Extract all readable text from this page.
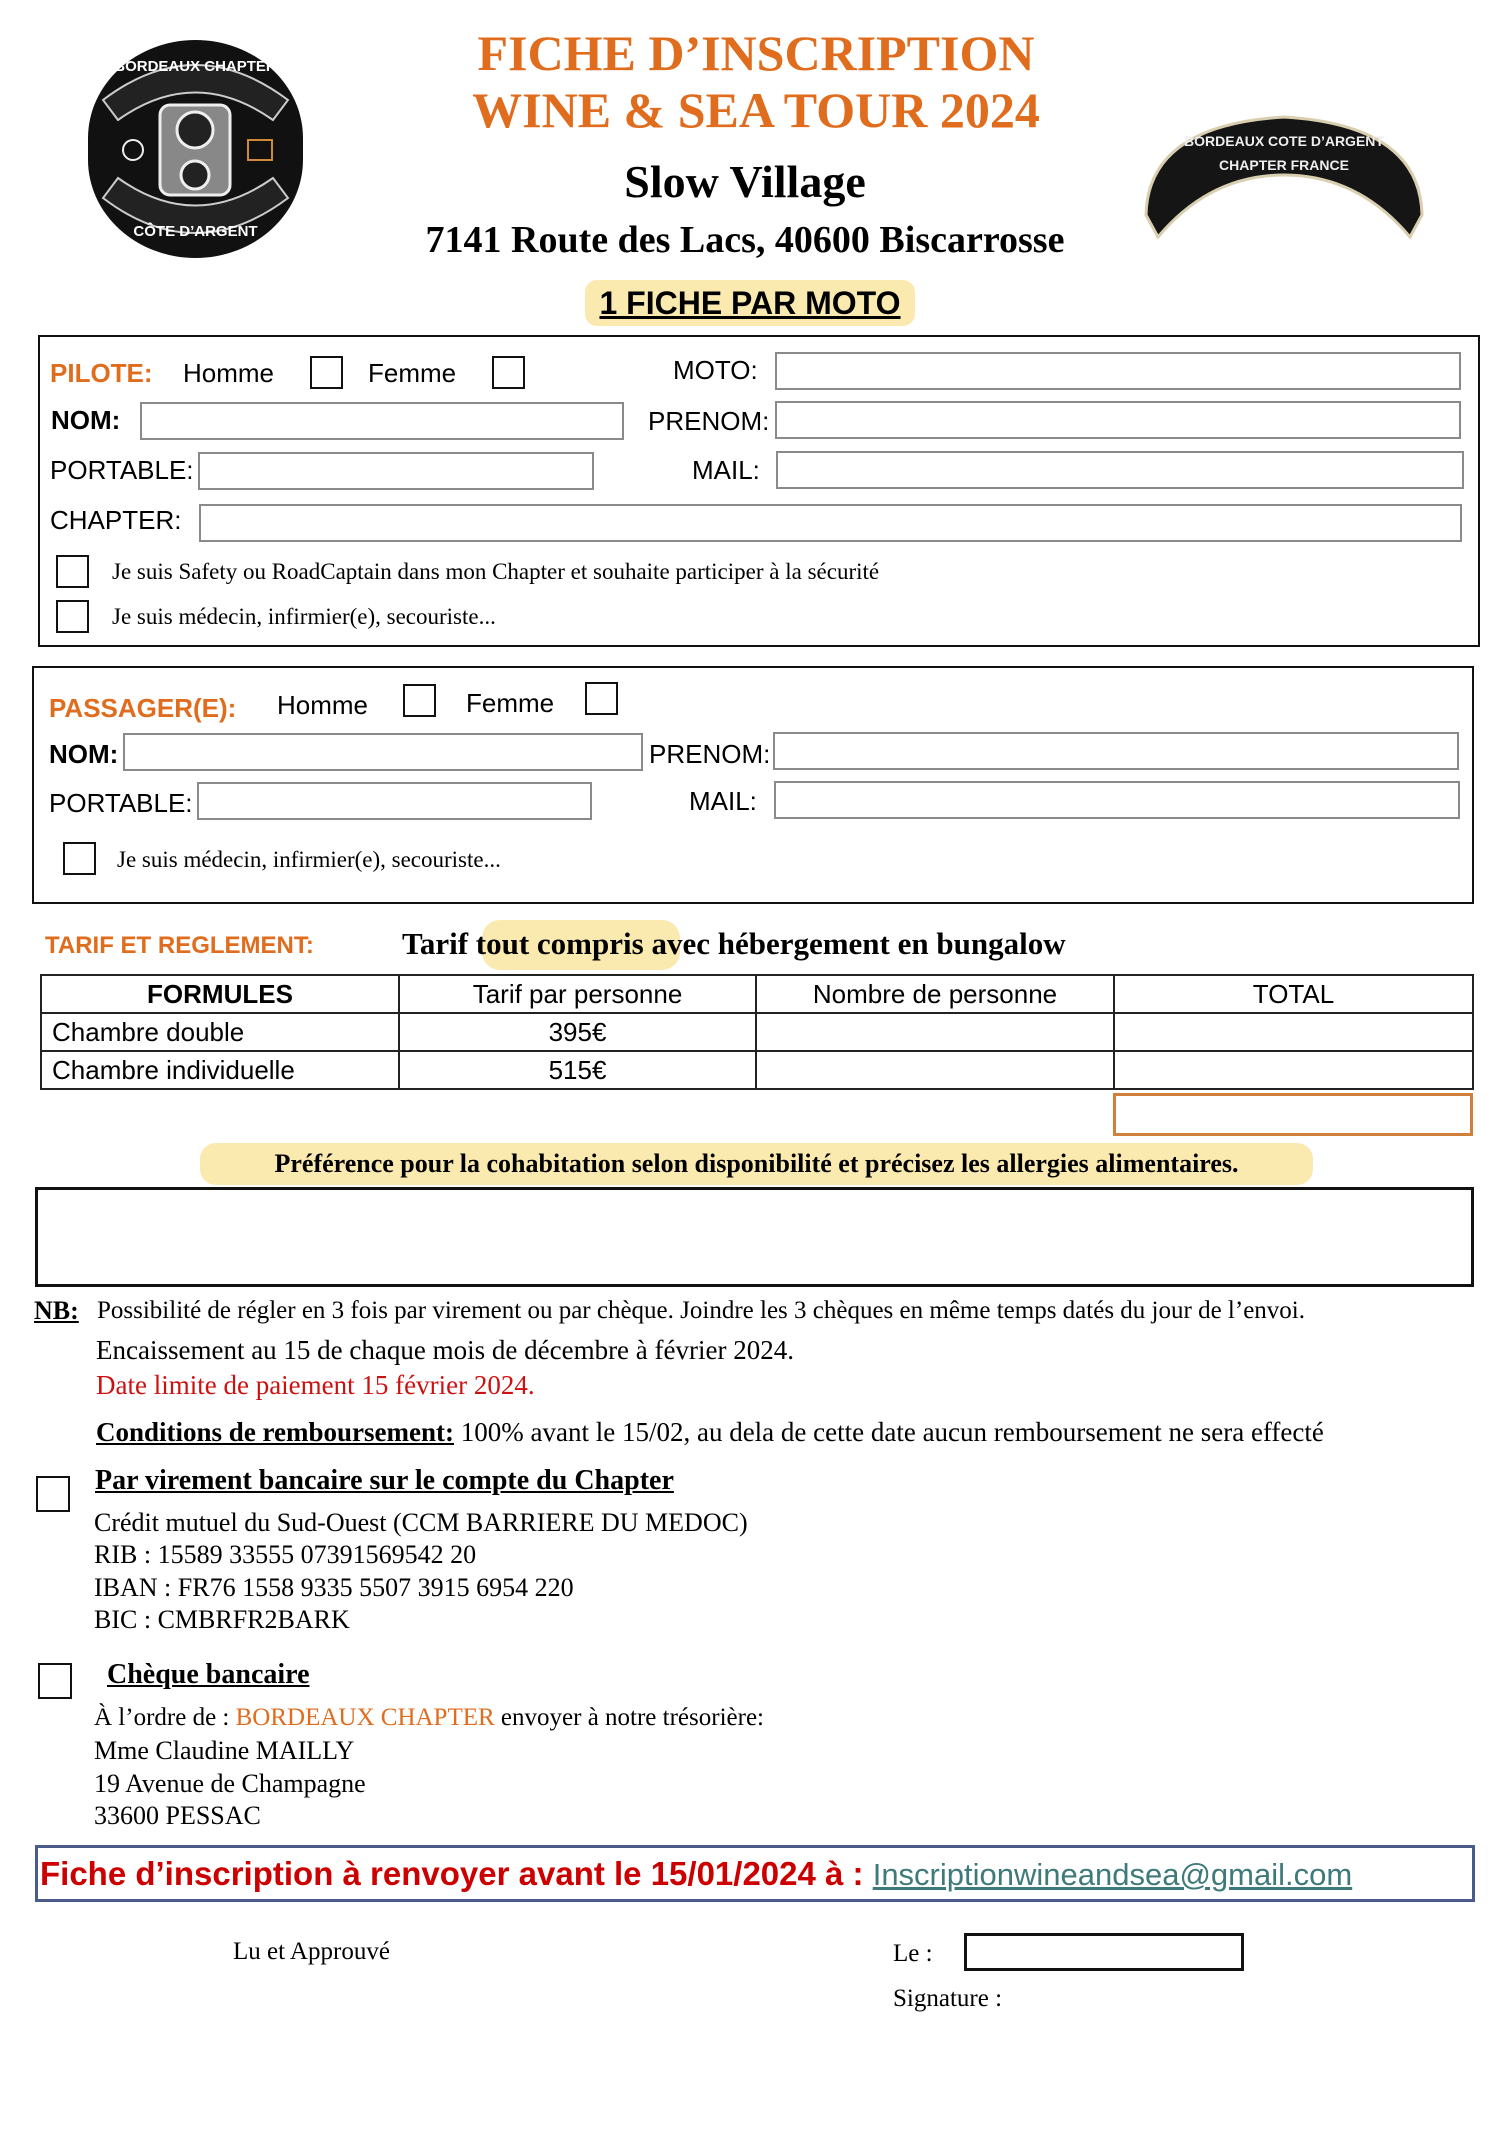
BORDEAUX CHAPTER
CÔTE D’ARGENT
FICHE D’INSCRIPTION
WINE & SEA TOUR 2024
Slow Village
7141 Route des Lacs, 40600 Biscarrosse
1 FICHE PAR MOTO
BORDEAUX COTE D’ARGENT
CHAPTER FRANCE
PILOTE: Homme	Femme	MOTO:
NOM:	PRENOM:
PORTABLE:	MAIL:
CHAPTER:
Je suis Safety ou RoadCaptain dans mon Chapter et souhaite participer à la sécurité
Je suis médecin, infirmier(e), secouriste...
PASSAGER(E): Homme	Femme
NOM:	PRENOM:
PORTABLE:	MAIL:
Je suis médecin, infirmier(e), secouriste...
TARIF ET REGLEMENT:	Tarif tout compris avec hébergement en bungalow
FORMULES	Tarif par personne	Nombre de personne	TOTAL
Chambre double	395€		
Chambre individuelle	515€		
Préférence pour la cohabitation selon disponibilité et précisez les allergies alimentaires.
NB: Possibilité de régler en 3 fois par virement ou par chèque. Joindre les 3 chèques en même temps datés du jour de l’envoi.
Encaissement au 15 de chaque mois de décembre à février 2024.
Date limite de paiement 15 février 2024.
Conditions de remboursement: 100% avant le 15/02, au dela de cette date aucun remboursement ne sera effecté
Par virement bancaire sur le compte du Chapter
Crédit mutuel du Sud-Ouest (CCM BARRIERE DU MEDOC)
RIB : 15589 33555 07391569542 20
IBAN : FR76 1558 9335 5507 3915 6954 220
BIC : CMBRFR2BARK
Chèque bancaire
À l’ordre de : BORDEAUX CHAPTER envoyer à notre trésorière:
Mme Claudine MAILLY
19 Avenue de Champagne
33600 PESSAC
Fiche d’inscription à renvoyer avant le 15/01/2024 à : Inscriptionwineandsea@gmail.com
Lu et Approuvé	Le :
Signature :
